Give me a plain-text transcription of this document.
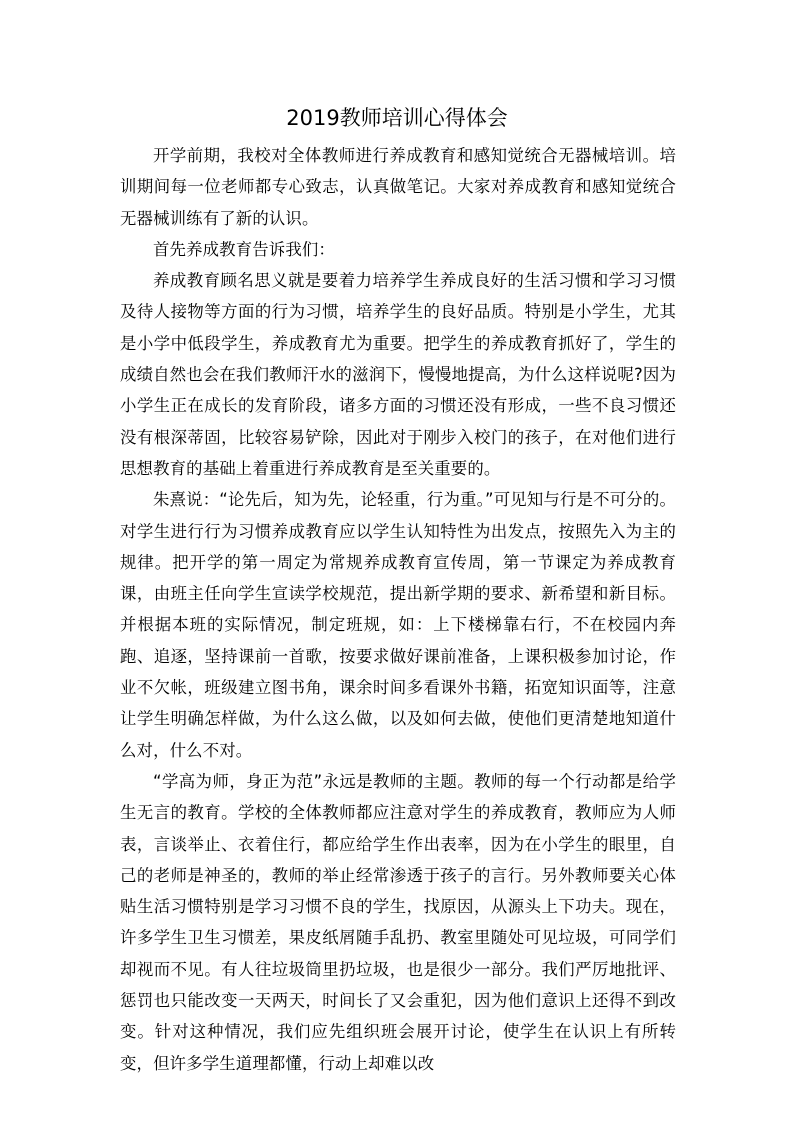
2019教师培训心得体会

开学前期，我校对全体教师进行养成教育和感知觉统合无器械培训。培训期间每一位老师都专心致志，认真做笔记。大家对养成教育和感知觉统合无器械训练有了新的认识。

首先养成教育告诉我们：

养成教育顾名思义就是要着力培养学生养成良好的生活习惯和学习习惯及待人接物等方面的行为习惯，培养学生的良好品质。特别是小学生，尤其是小学中低段学生，养成教育尤为重要。把学生的养成教育抓好了，学生的成绩自然也会在我们教师汗水的滋润下，慢慢地提高，为什么这样说呢?因为小学生正在成长的发育阶段，诸多方面的习惯还没有形成，一些不良习惯还没有根深蒂固，比较容易铲除，因此对于刚步入校门的孩子，在对他们进行思想教育的基础上着重进行养成教育是至关重要的。

朱熹说：“论先后，知为先，论轻重，行为重。”可见知与行是不可分的。对学生进行行为习惯养成教育应以学生认知特性为出发点，按照先入为主的规律。把开学的第一周定为常规养成教育宣传周，第一节课定为养成教育课，由班主任向学生宣读学校规范，提出新学期的要求、新希望和新目标。并根据本班的实际情况，制定班规，如：上下楼梯靠右行，不在校园内奔跑、追逐，坚持课前一首歌，按要求做好课前准备，上课积极参加讨论，作业不欠帐，班级建立图书角，课余时间多看课外书籍，拓宽知识面等，注意让学生明确怎样做，为什么这么做，以及如何去做，使他们更清楚地知道什么对，什么不对。

“学高为师，身正为范”永远是教师的主题。教师的每一个行动都是给学生无言的教育。学校的全体教师都应注意对学生的养成教育，教师应为人师表，言谈举止、衣着住行，都应给学生作出表率，因为在小学生的眼里，自己的老师是神圣的，教师的举止经常渗透于孩子的言行。另外教师要关心体贴生活习惯特别是学习习惯不良的学生，找原因，从源头上下功夫。现在，许多学生卫生习惯差，果皮纸屑随手乱扔、教室里随处可见垃圾，可同学们却视而不见。有人往垃圾筒里扔垃圾，也是很少一部分。我们严厉地批评、惩罚也只能改变一天两天，时间长了又会重犯，因为他们意识上还得不到改变。针对这种情况，我们应先组织班会展开讨论，使学生在认识上有所转变，但许多学生道理都懂，行动上却难以改
